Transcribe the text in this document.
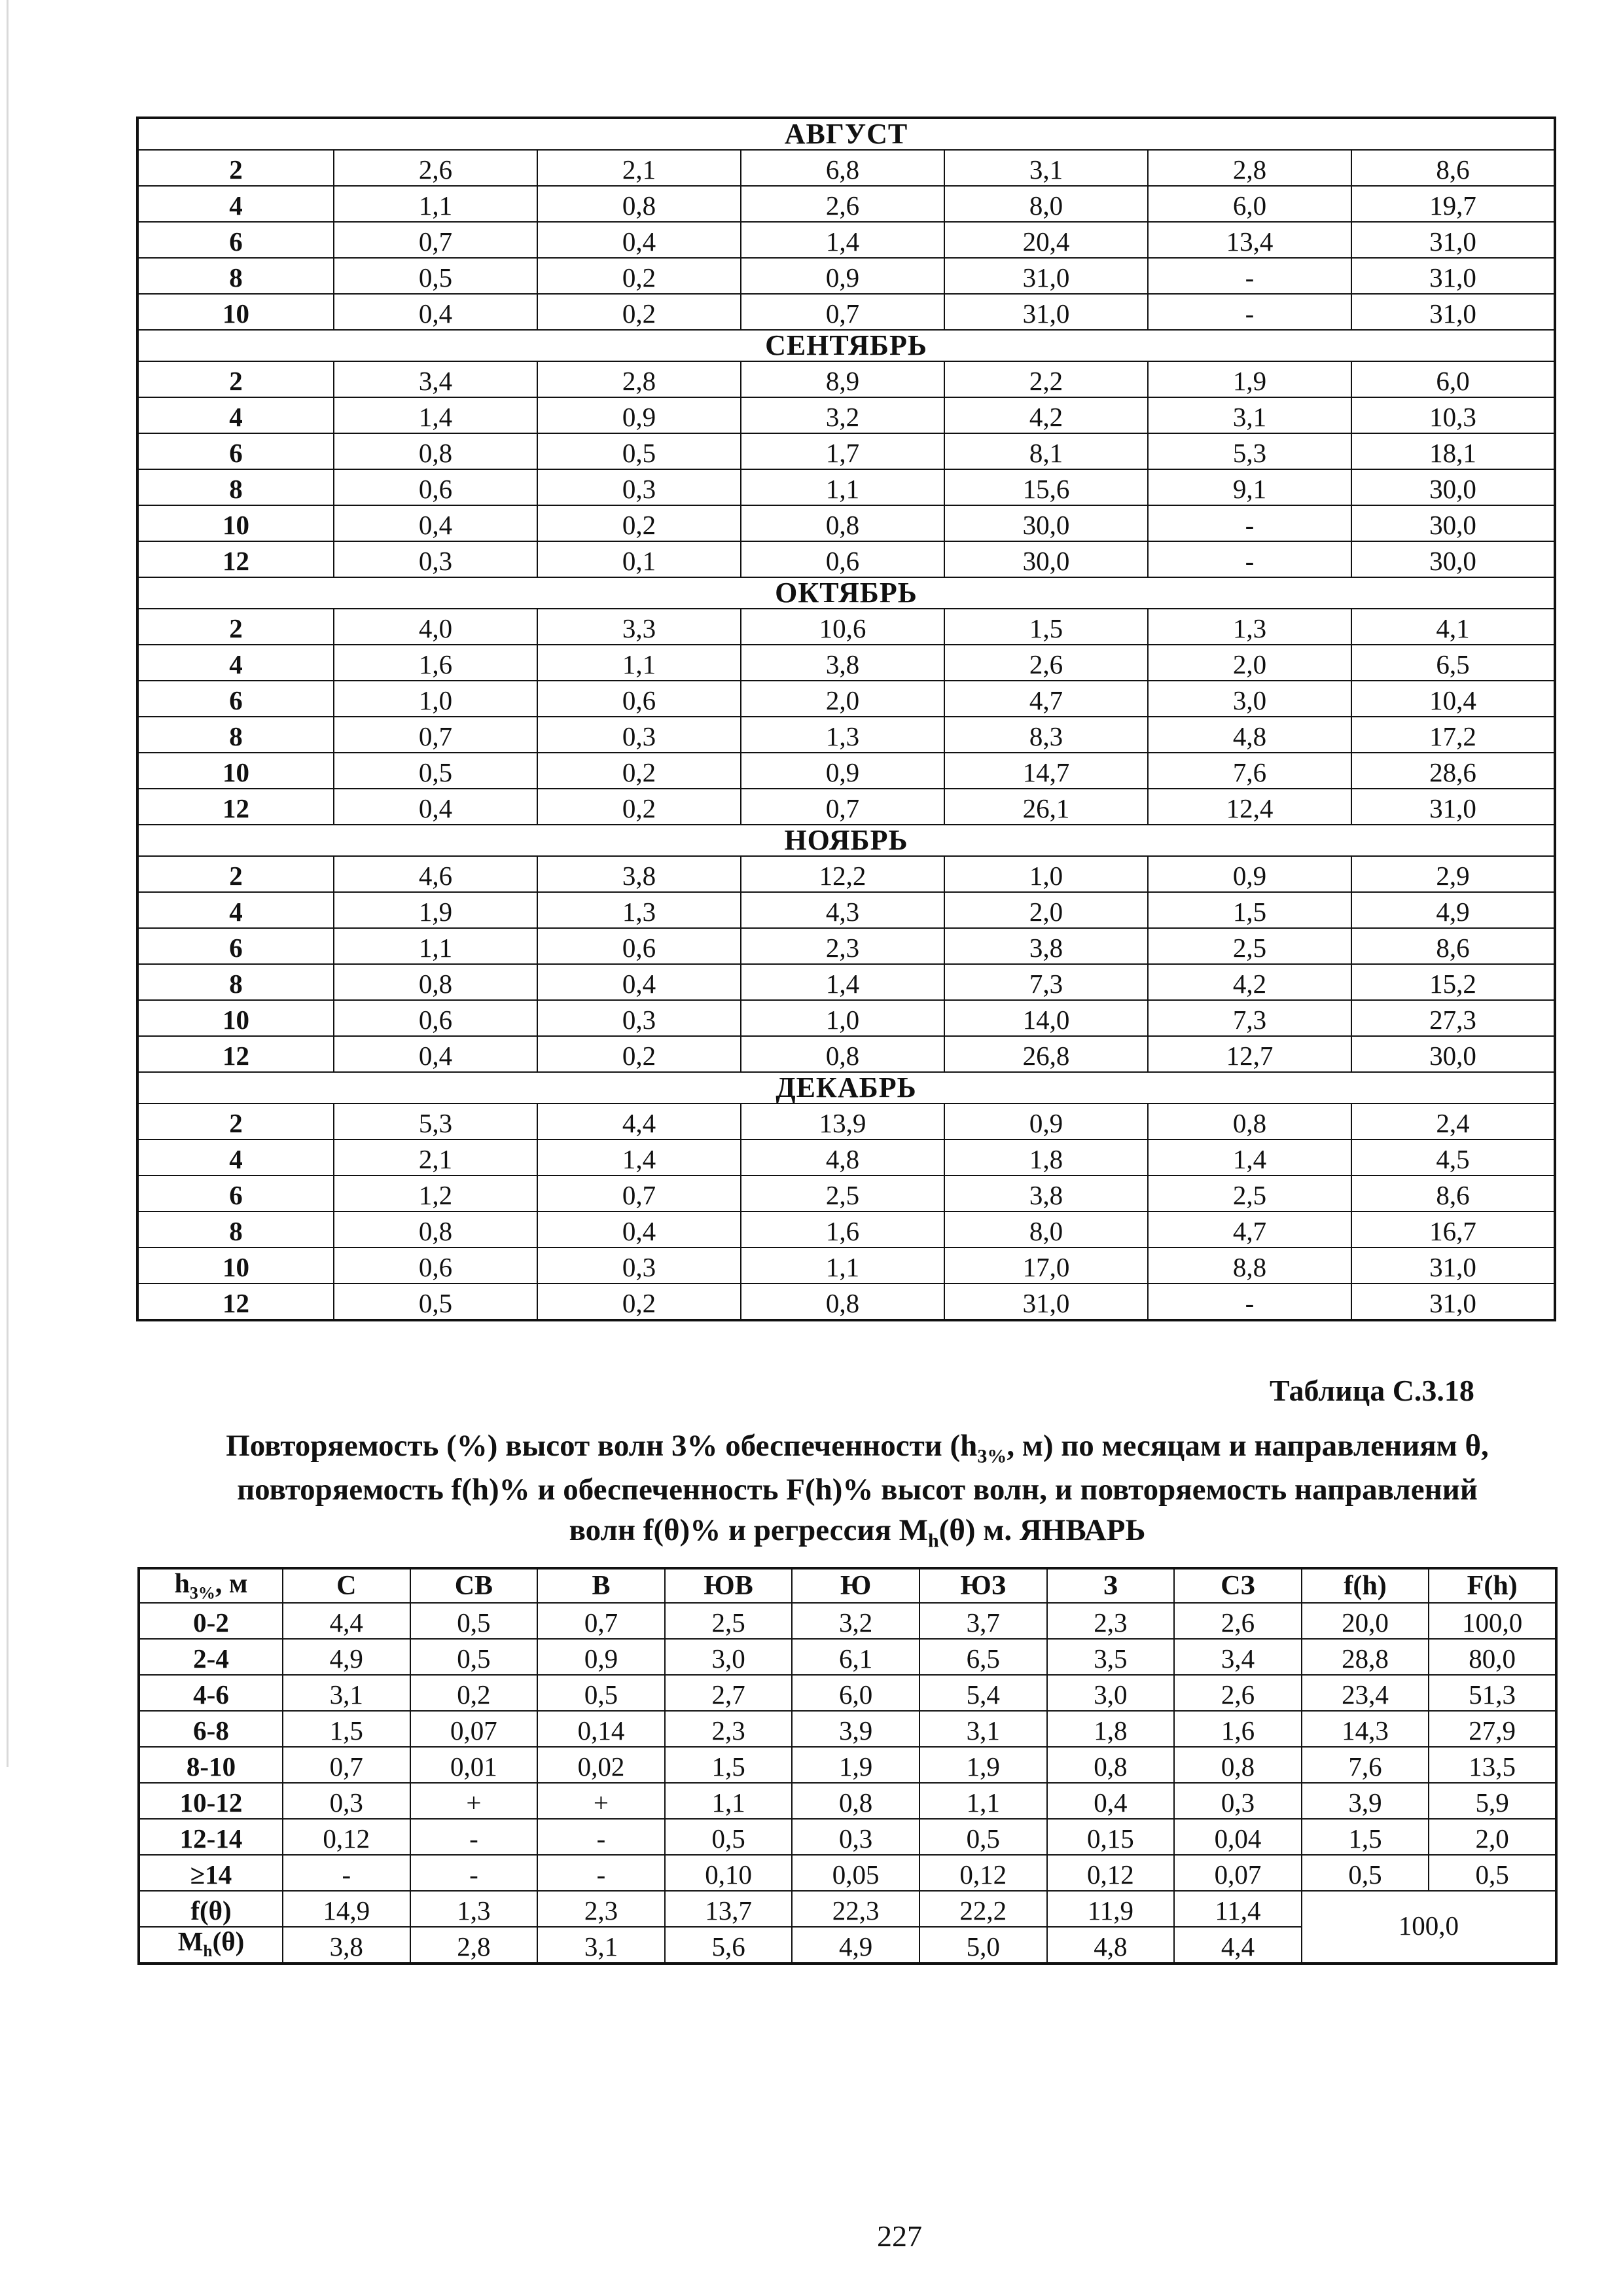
АВГУСТ						
2	2,6	2,1	6,8	3,1	2,8	8,6
4	1,1	0,8	2,6	8,0	6,0	19,7
6	0,7	0,4	1,4	20,4	13,4	31,0
8	0,5	0,2	0,9	31,0	-	31,0
10	0,4	0,2	0,7	31,0	-	31,0
СЕНТЯБРЬ						
2	3,4	2,8	8,9	2,2	1,9	6,0
4	1,4	0,9	3,2	4,2	3,1	10,3
6	0,8	0,5	1,7	8,1	5,3	18,1
8	0,6	0,3	1,1	15,6	9,1	30,0
10	0,4	0,2	0,8	30,0	-	30,0
12	0,3	0,1	0,6	30,0	-	30,0
ОКТЯБРЬ						
2	4,0	3,3	10,6	1,5	1,3	4,1
4	1,6	1,1	3,8	2,6	2,0	6,5
6	1,0	0,6	2,0	4,7	3,0	10,4
8	0,7	0,3	1,3	8,3	4,8	17,2
10	0,5	0,2	0,9	14,7	7,6	28,6
12	0,4	0,2	0,7	26,1	12,4	31,0
НОЯБРЬ						
2	4,6	3,8	12,2	1,0	0,9	2,9
4	1,9	1,3	4,3	2,0	1,5	4,9
6	1,1	0,6	2,3	3,8	2,5	8,6
8	0,8	0,4	1,4	7,3	4,2	15,2
10	0,6	0,3	1,0	14,0	7,3	27,3
12	0,4	0,2	0,8	26,8	12,7	30,0
ДЕКАБРЬ						
2	5,3	4,4	13,9	0,9	0,8	2,4
4	2,1	1,4	4,8	1,8	1,4	4,5
6	1,2	0,7	2,5	3,8	2,5	8,6
8	0,8	0,4	1,6	8,0	4,7	16,7
10	0,6	0,3	1,1	17,0	8,8	31,0
12	0,5	0,2	0,8	31,0	-	31,0
Таблица С.3.18
Повторяемость (%) высот волн 3% обеспеченности ($h_{3\%}$, м) по месяцам и направлениям θ,
повторяемость f(h)% и обеспеченность F(h)% высот волн, и повторяемость направлений
волн f(θ)% и регрессия $M_h(\theta)$ м. ЯНВАРЬ
$h_{3\%}$, м	С	СВ	В	ЮВ	Ю	ЮЗ	З	СЗ	f(h)	F(h)
0-2	4,4	0,5	0,7	2,5	3,2	3,7	2,3	2,6	20,0	100,0
2-4	4,9	0,5	0,9	3,0	6,1	6,5	3,5	3,4	28,8	80,0
4-6	3,1	0,2	0,5	2,7	6,0	5,4	3,0	2,6	23,4	51,3
6-8	1,5	0,07	0,14	2,3	3,9	3,1	1,8	1,6	14,3	27,9
8-10	0,7	0,01	0,02	1,5	1,9	1,9	0,8	0,8	7,6	13,5
10-12	0,3	+	+	1,1	0,8	1,1	0,4	0,3	3,9	5,9
12-14	0,12	-	-	0,5	0,3	0,5	0,15	0,04	1,5	2,0
≥14	-	-	-	0,10	0,05	0,12	0,12	0,07	0,5	0,5
f(θ)	14,9	1,3	2,3	13,7	22,3	22,2	11,9	11,4	100,0	
$M_h(\theta)$	3,8	2,8	3,1	5,6	4,9	5,0	4,8	4,4		
227
